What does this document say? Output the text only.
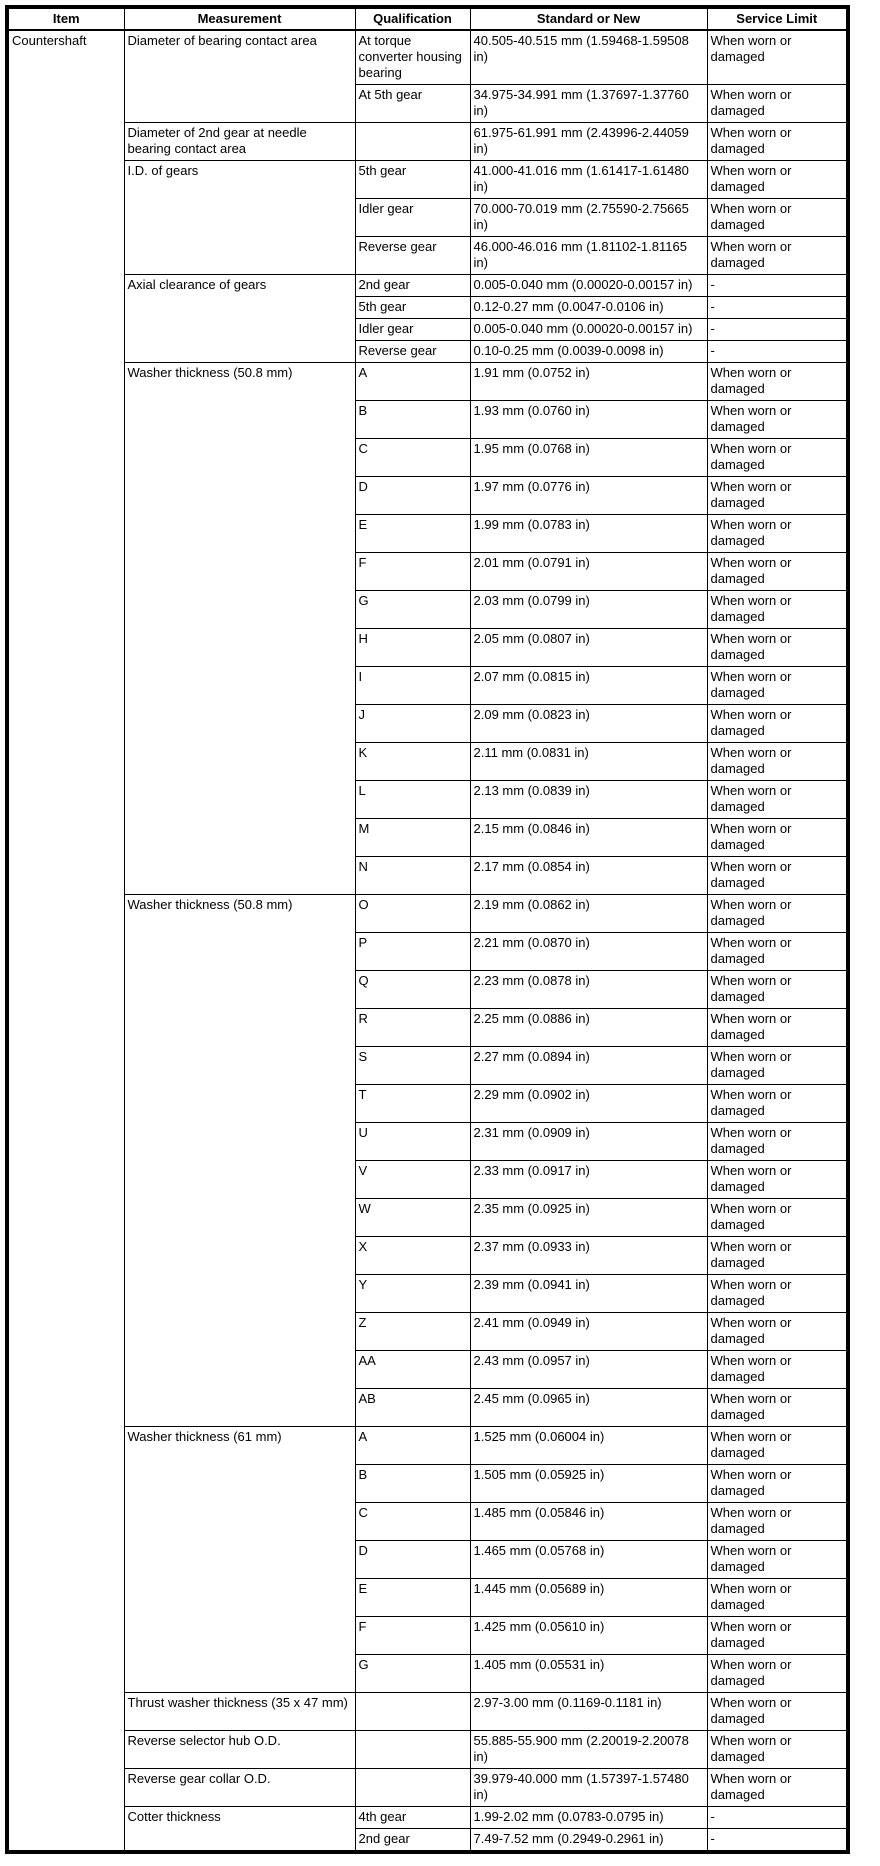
Item	Measurement	Qualification	Standard or New	Service Limit
Countershaft	Diameter of bearing contact area	At torque converter housing bearing	40.505-40.515 mm (1.59468-1.59508 in)	When worn or damaged
		At 5th gear	34.975-34.991 mm (1.37697-1.37760 in)	When worn or damaged
	Diameter of 2nd gear at needle bearing contact area		61.975-61.991 mm (2.43996-2.44059 in)	When worn or damaged
	I.D. of gears	5th gear	41.000-41.016 mm (1.61417-1.61480 in)	When worn or damaged
		Idler gear	70.000-70.019 mm (2.75590-2.75665 in)	When worn or damaged
		Reverse gear	46.000-46.016 mm (1.81102-1.81165 in)	When worn or damaged
	Axial clearance of gears	2nd gear	0.005-0.040 mm (0.00020-0.00157 in)	-
		5th gear	0.12-0.27 mm (0.0047-0.0106 in)	-
		Idler gear	0.005-0.040 mm (0.00020-0.00157 in)	-
		Reverse gear	0.10-0.25 mm (0.0039-0.0098 in)	-
	Washer thickness (50.8 mm)	A	1.91 mm (0.0752 in)	When worn or damaged
		B	1.93 mm (0.0760 in)	When worn or damaged
		C	1.95 mm (0.0768 in)	When worn or damaged
		D	1.97 mm (0.0776 in)	When worn or damaged
		E	1.99 mm (0.0783 in)	When worn or damaged
		F	2.01 mm (0.0791 in)	When worn or damaged
		G	2.03 mm (0.0799 in)	When worn or damaged
		H	2.05 mm (0.0807 in)	When worn or damaged
		I	2.07 mm (0.0815 in)	When worn or damaged
		J	2.09 mm (0.0823 in)	When worn or damaged
		K	2.11 mm (0.0831 in)	When worn or damaged
		L	2.13 mm (0.0839 in)	When worn or damaged
		M	2.15 mm (0.0846 in)	When worn or damaged
		N	2.17 mm (0.0854 in)	When worn or damaged
	Washer thickness (50.8 mm)	O	2.19 mm (0.0862 in)	When worn or damaged
		P	2.21 mm (0.0870 in)	When worn or damaged
		Q	2.23 mm (0.0878 in)	When worn or damaged
		R	2.25 mm (0.0886 in)	When worn or damaged
		S	2.27 mm (0.0894 in)	When worn or damaged
		T	2.29 mm (0.0902 in)	When worn or damaged
		U	2.31 mm (0.0909 in)	When worn or damaged
		V	2.33 mm (0.0917 in)	When worn or damaged
		W	2.35 mm (0.0925 in)	When worn or damaged
		X	2.37 mm (0.0933 in)	When worn or damaged
		Y	2.39 mm (0.0941 in)	When worn or damaged
		Z	2.41 mm (0.0949 in)	When worn or damaged
		AA	2.43 mm (0.0957 in)	When worn or damaged
		AB	2.45 mm (0.0965 in)	When worn or damaged
	Washer thickness (61 mm)	A	1.525 mm (0.06004 in)	When worn or damaged
		B	1.505 mm (0.05925 in)	When worn or damaged
		C	1.485 mm (0.05846 in)	When worn or damaged
		D	1.465 mm (0.05768 in)	When worn or damaged
		E	1.445 mm (0.05689 in)	When worn or damaged
		F	1.425 mm (0.05610 in)	When worn or damaged
		G	1.405 mm (0.05531 in)	When worn or damaged
	Thrust washer thickness (35 x 47 mm)		2.97-3.00 mm (0.1169-0.1181 in)	When worn or damaged
	Reverse selector hub O.D.		55.885-55.900 mm (2.20019-2.20078 in)	When worn or damaged
	Reverse gear collar O.D.		39.979-40.000 mm (1.57397-1.57480 in)	When worn or damaged
	Cotter thickness	4th gear	1.99-2.02 mm (0.0783-0.0795 in)	-
		2nd gear	7.49-7.52 mm (0.2949-0.2961 in)	-
